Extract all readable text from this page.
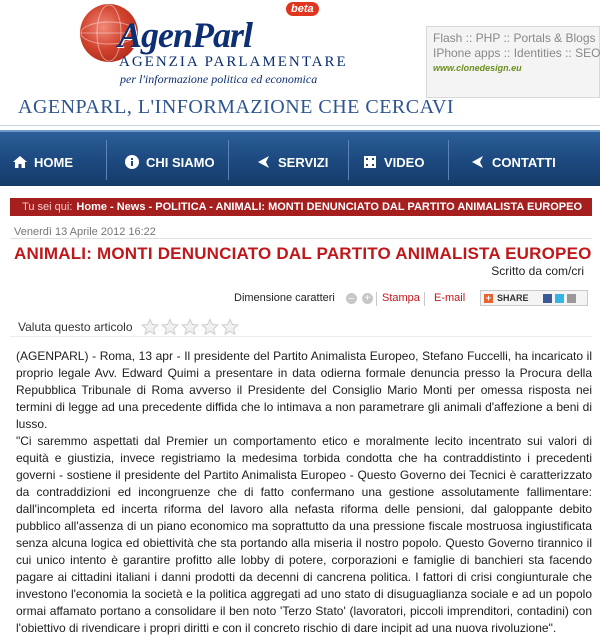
AgenParl
beta
AGENZIA PARLAMENTARE
per l'informazione politica ed economica
Flash :: PHP :: Portals & Blogs
IPhone apps :: Identities :: SEO
www.clonedesign.eu
AGENPARL, L'INFORMAZIONE CHE CERCAVI
HOME	CHI SIAMO	SERVIZI	VIDEO	CONTATTI
Tu sei qui: Home - News - POLITICA - ANIMALI: MONTI DENUNCIATO DAL PARTITO ANIMALISTA EUROPEO
Venerdì 13 Aprile 2012 16:22
ANIMALI: MONTI DENUNCIATO DAL PARTITO ANIMALISTA EUROPEO
Scritto da com/cri
Dimensione caratteri – + Stampa E-mail + SHARE
Valuta questo articolo

(AGENPARL) - Roma, 13 apr - Il presidente del Partito Animalista Europeo, Stefano Fuccelli, ha incaricato il proprio legale Avv. Edward Quimi a presentare in data odierna formale denuncia presso la Procura della Repubblica Tribunale di Roma avverso il Presidente del Consiglio Mario Monti per omessa risposta nei termini di legge ad una precedente diffida che lo intimava a non parametrare gli animali d'affezione a beni di lusso.

"Ci saremmo aspettati dal Premier un comportamento etico e moralmente lecito incentrato sui valori di equità e giustizia, invece registriamo la medesima torbida condotta che ha contraddistinto i precedenti governi - sostiene il presidente del Partito Animalista Europeo - Questo Governo dei Tecnici è caratterizzato da contraddizioni ed incongruenze che di fatto confermano una gestione assolutamente fallimentare: dall'incompleta ed incerta riforma del lavoro alla nefasta riforma delle pensioni, dal galoppante debito pubblico all'assenza di un piano economico ma soprattutto da una pressione fiscale mostruosa ingiustificata senza alcuna logica ed obiettività che sta portando alla miseria il nostro popolo. Questo Governo tirannico il cui unico intento è garantire profitto alle lobby di potere, corporazioni e famiglie di banchieri sta facendo pagare ai cittadini italiani i danni prodotti da decenni di cancrena politica. I fattori di crisi congiunturale che investono l'economia la società e la politica aggregati ad uno stato di disuguaglianza sociale e ad un popolo ormai affamato portano a consolidare il ben noto 'Terzo Stato' (lavoratori, piccoli imprenditori, contadini) con l'obiettivo di rivendicare i propri diritti e con il concreto rischio di dare incipit ad una nuova rivoluzione".
